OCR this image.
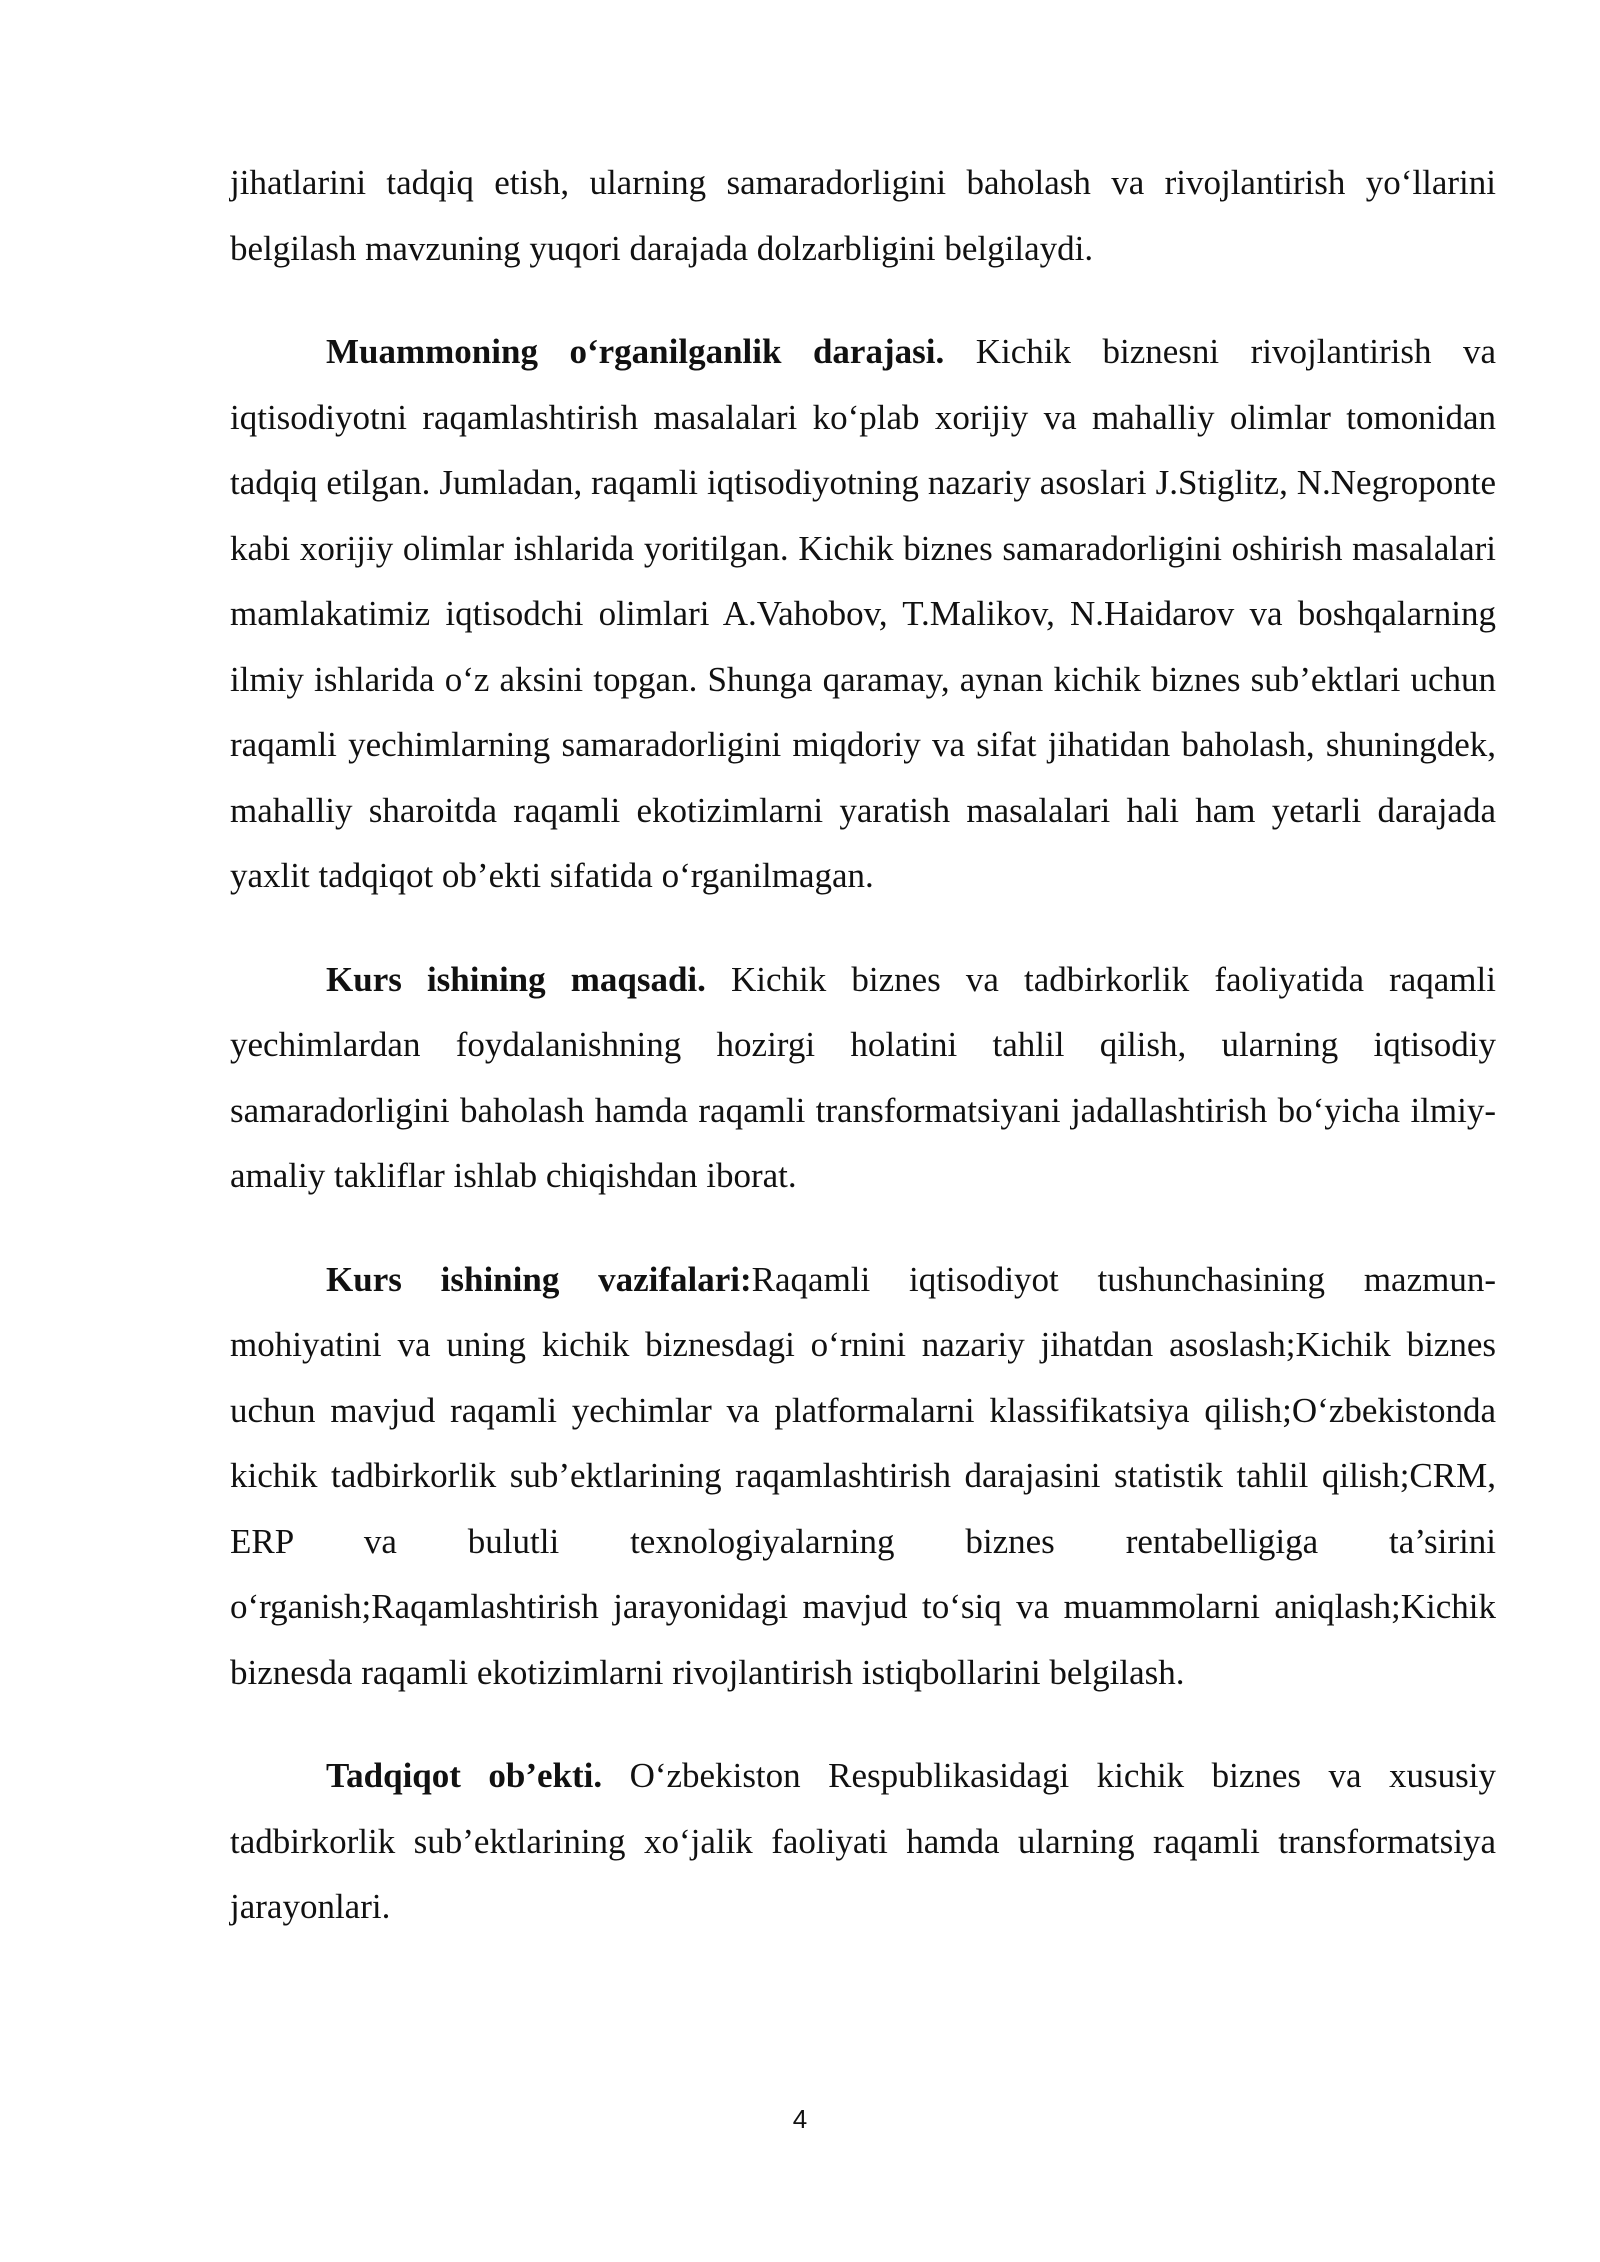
jihatlarini tadqiq etish, ularning samaradorligini baholash va rivojlantirish yo‘llarini belgilash mavzuning yuqori darajada dolzarbligini belgilaydi.

Muammoning o‘rganilganlik darajasi. Kichik biznesni rivojlantirish va iqtisodiyotni raqamlashtirish masalalari ko‘plab xorijiy va mahalliy olimlar tomonidan tadqiq etilgan. Jumladan, raqamli iqtisodiyotning nazariy asoslari J.Stiglitz, N.Negroponte kabi xorijiy olimlar ishlarida yoritilgan. Kichik biznes samaradorligini oshirish masalalari mamlakatimiz iqtisodchi olimlari A.Vahobov, T.Malikov, N.Haidarov va boshqalarning ilmiy ishlarida o‘z aksini topgan. Shunga qaramay, aynan kichik biznes sub’ektlari uchun raqamli yechimlarning samaradorligini miqdoriy va sifat jihatidan baholash, shuningdek, mahalliy sharoitda raqamli ekotizimlarni yaratish masalalari hali ham yetarli darajada yaxlit tadqiqot ob’ekti sifatida o‘rganilmagan.

Kurs ishining maqsadi. Kichik biznes va tadbirkorlik faoliyatida raqamli yechimlardan foydalanishning hozirgi holatini tahlil qilish, ularning iqtisodiy samaradorligini baholash hamda raqamli transformatsiyani jadallashtirish bo‘yicha ilmiy-amaliy takliflar ishlab chiqishdan iborat.

Kurs ishining vazifalari:Raqamli iqtisodiyot tushunchasining mazmun-mohiyatini va uning kichik biznesdagi o‘rnini nazariy jihatdan asoslash;Kichik biznes uchun mavjud raqamli yechimlar va platformalarni klassifikatsiya qilish;O‘zbekistonda kichik tadbirkorlik sub’ektlarining raqamlashtirish darajasini statistik tahlil qilish;CRM, ERP va bulutli texnologiyalarning biznes rentabelligiga ta’sirini o‘rganish;Raqamlashtirish jarayonidagi mavjud to‘siq va muammolarni aniqlash;Kichik biznesda raqamli ekotizimlarni rivojlantirish istiqbollarini belgilash.

Tadqiqot ob’ekti. O‘zbekiston Respublikasidagi kichik biznes va xususiy tadbirkorlik sub’ektlarining xo‘jalik faoliyati hamda ularning raqamli transformatsiya jarayonlari.

4
